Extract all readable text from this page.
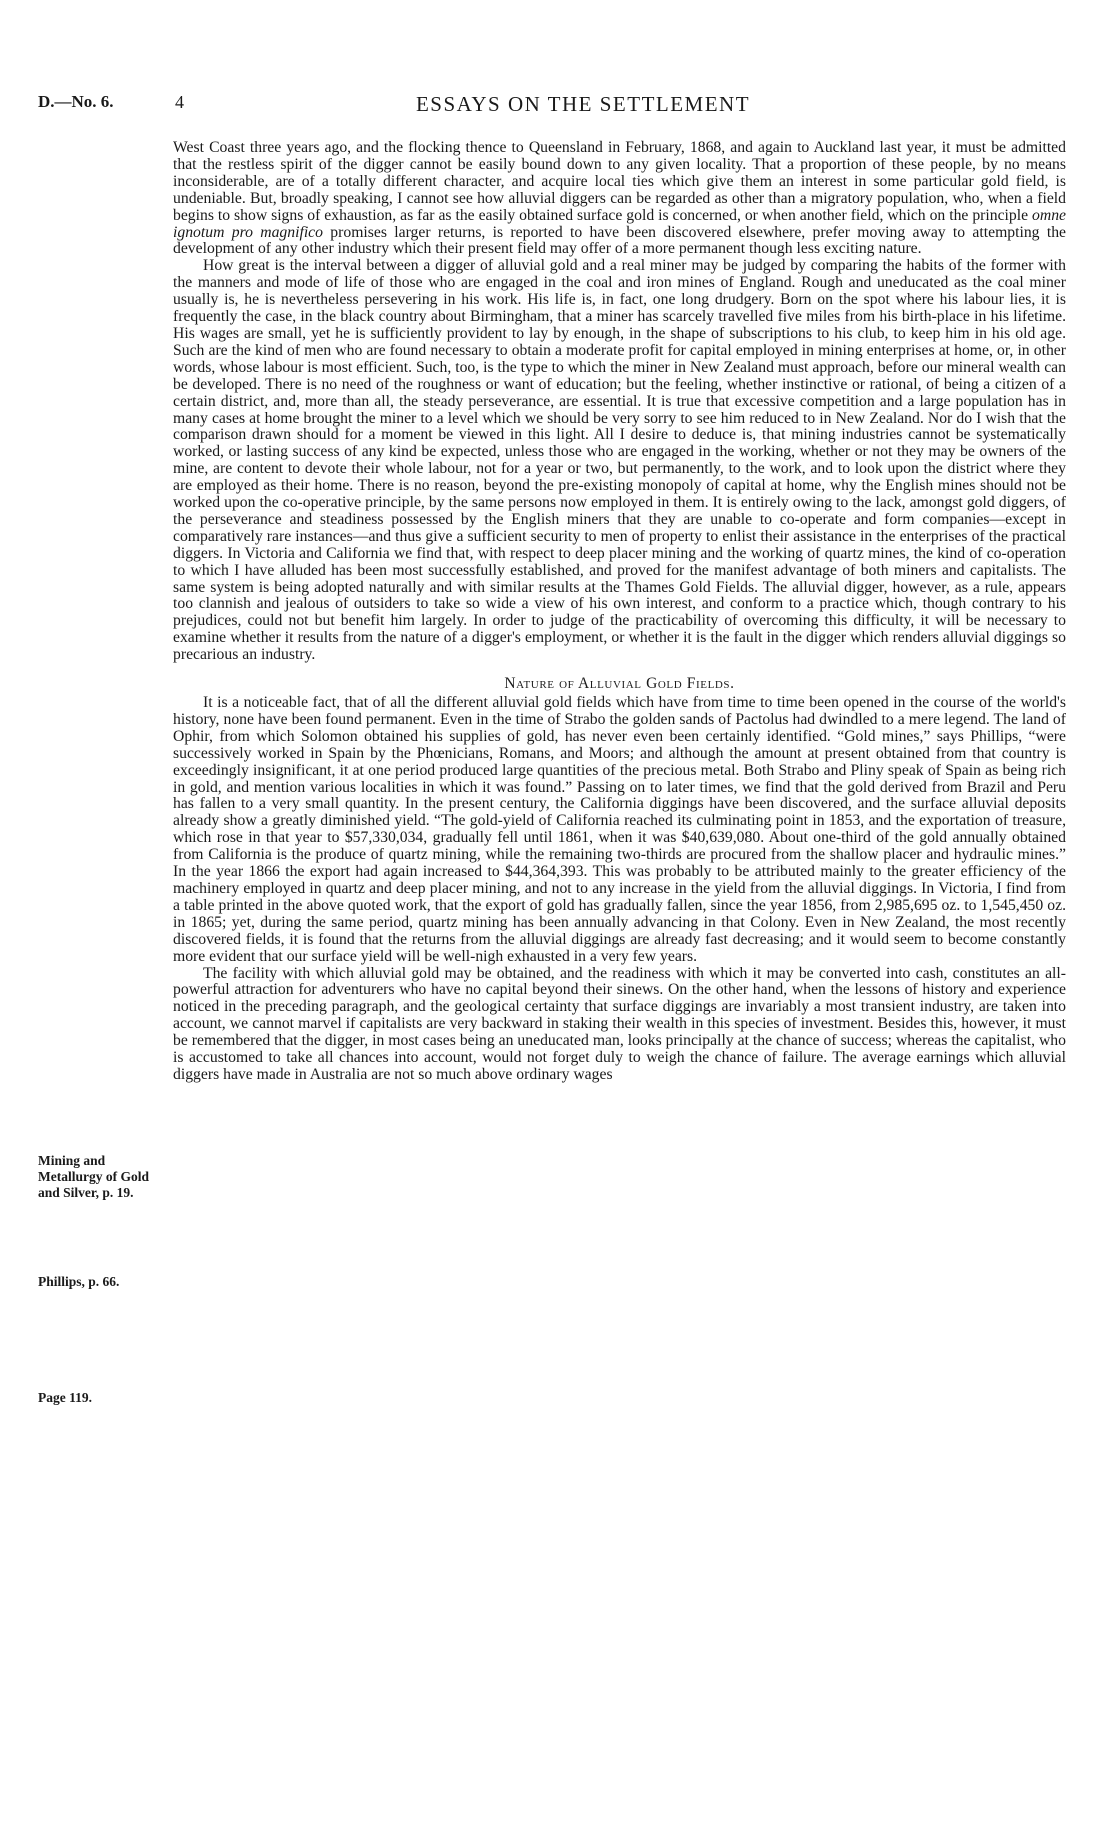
D.—No. 6.	4	ESSAYS ON THE SETTLEMENT
Mining and Metallurgy of Gold and Silver, p. 19.
Phillips, p. 66.
Page 119.

West Coast three years ago, and the flocking thence to Queensland in February, 1868, and again to Auckland last year, it must be admitted that the restless spirit of the digger cannot be easily bound down to any given locality. That a proportion of these people, by no means inconsiderable, are of a totally different character, and acquire local ties which give them an interest in some particular gold field, is undeniable. But, broadly speaking, I cannot see how alluvial diggers can be regarded as other than a migratory population, who, when a field begins to show signs of exhaustion, as far as the easily obtained surface gold is concerned, or when another field, which on the principle omne ignotum pro magnifico promises larger returns, is reported to have been discovered elsewhere, prefer moving away to attempting the development of any other industry which their present field may offer of a more permanent though less exciting nature.

How great is the interval between a digger of alluvial gold and a real miner may be judged by comparing the habits of the former with the manners and mode of life of those who are engaged in the coal and iron mines of England. Rough and uneducated as the coal miner usually is, he is nevertheless persevering in his work. His life is, in fact, one long drudgery. Born on the spot where his labour lies, it is frequently the case, in the black country about Birmingham, that a miner has scarcely travelled five miles from his birth-place in his lifetime. His wages are small, yet he is sufficiently provident to lay by enough, in the shape of subscriptions to his club, to keep him in his old age. Such are the kind of men who are found necessary to obtain a moderate profit for capital employed in mining enterprises at home, or, in other words, whose labour is most efficient. Such, too, is the type to which the miner in New Zealand must approach, before our mineral wealth can be developed. There is no need of the roughness or want of education; but the feeling, whether instinctive or rational, of being a citizen of a certain district, and, more than all, the steady perseverance, are essential. It is true that excessive competition and a large population has in many cases at home brought the miner to a level which we should be very sorry to see him reduced to in New Zealand. Nor do I wish that the comparison drawn should for a moment be viewed in this light. All I desire to deduce is, that mining industries cannot be systematically worked, or lasting success of any kind be expected, unless those who are engaged in the working, whether or not they may be owners of the mine, are content to devote their whole labour, not for a year or two, but permanently, to the work, and to look upon the district where they are employed as their home. There is no reason, beyond the pre-existing monopoly of capital at home, why the English mines should not be worked upon the co-operative principle, by the same persons now employed in them. It is entirely owing to the lack, amongst gold diggers, of the perseverance and steadiness possessed by the English miners that they are unable to co-operate and form companies—except in comparatively rare instances—and thus give a sufficient security to men of property to enlist their assistance in the enterprises of the practical diggers. In Victoria and California we find that, with respect to deep placer mining and the working of quartz mines, the kind of co-operation to which I have alluded has been most successfully established, and proved for the manifest advantage of both miners and capitalists. The same system is being adopted naturally and with similar results at the Thames Gold Fields. The alluvial digger, however, as a rule, appears too clannish and jealous of outsiders to take so wide a view of his own interest, and conform to a practice which, though contrary to his prejudices, could not but benefit him largely. In order to judge of the practicability of overcoming this difficulty, it will be necessary to examine whether it results from the nature of a digger's employment, or whether it is the fault in the digger which renders alluvial diggings so precarious an industry.

Nature of Alluvial Gold Fields.

It is a noticeable fact, that of all the different alluvial gold fields which have from time to time been opened in the course of the world's history, none have been found permanent. Even in the time of Strabo the golden sands of Pactolus had dwindled to a mere legend. The land of Ophir, from which Solomon obtained his supplies of gold, has never even been certainly identified. “Gold mines,” says Phillips, “were successively worked in Spain by the Phœnicians, Romans, and Moors; and although the amount at present obtained from that country is exceedingly insignificant, it at one period produced large quantities of the precious metal. Both Strabo and Pliny speak of Spain as being rich in gold, and mention various localities in which it was found.” Passing on to later times, we find that the gold derived from Brazil and Peru has fallen to a very small quantity. In the present century, the California diggings have been discovered, and the surface alluvial deposits already show a greatly diminished yield. “The gold-yield of California reached its culminating point in 1853, and the exportation of treasure, which rose in that year to $57,330,034, gradually fell until 1861, when it was $40,639,080. About one-third of the gold annually obtained from California is the produce of quartz mining, while the remaining two-thirds are procured from the shallow placer and hydraulic mines.” In the year 1866 the export had again increased to $44,364,393. This was probably to be attributed mainly to the greater efficiency of the machinery employed in quartz and deep placer mining, and not to any increase in the yield from the alluvial diggings. In Victoria, I find from a table printed in the above quoted work, that the export of gold has gradually fallen, since the year 1856, from 2,985,695 oz. to 1,545,450 oz. in 1865; yet, during the same period, quartz mining has been annually advancing in that Colony. Even in New Zealand, the most recently discovered fields, it is found that the returns from the alluvial diggings are already fast decreasing; and it would seem to become constantly more evident that our surface yield will be well-nigh exhausted in a very few years.

The facility with which alluvial gold may be obtained, and the readiness with which it may be converted into cash, constitutes an all-powerful attraction for adventurers who have no capital beyond their sinews. On the other hand, when the lessons of history and experience noticed in the preceding paragraph, and the geological certainty that surface diggings are invariably a most transient industry, are taken into account, we cannot marvel if capitalists are very backward in staking their wealth in this species of investment. Besides this, however, it must be remembered that the digger, in most cases being an uneducated man, looks principally at the chance of success; whereas the capitalist, who is accustomed to take all chances into account, would not forget duly to weigh the chance of failure. The average earnings which alluvial diggers have made in Australia are not so much above ordinary wages
